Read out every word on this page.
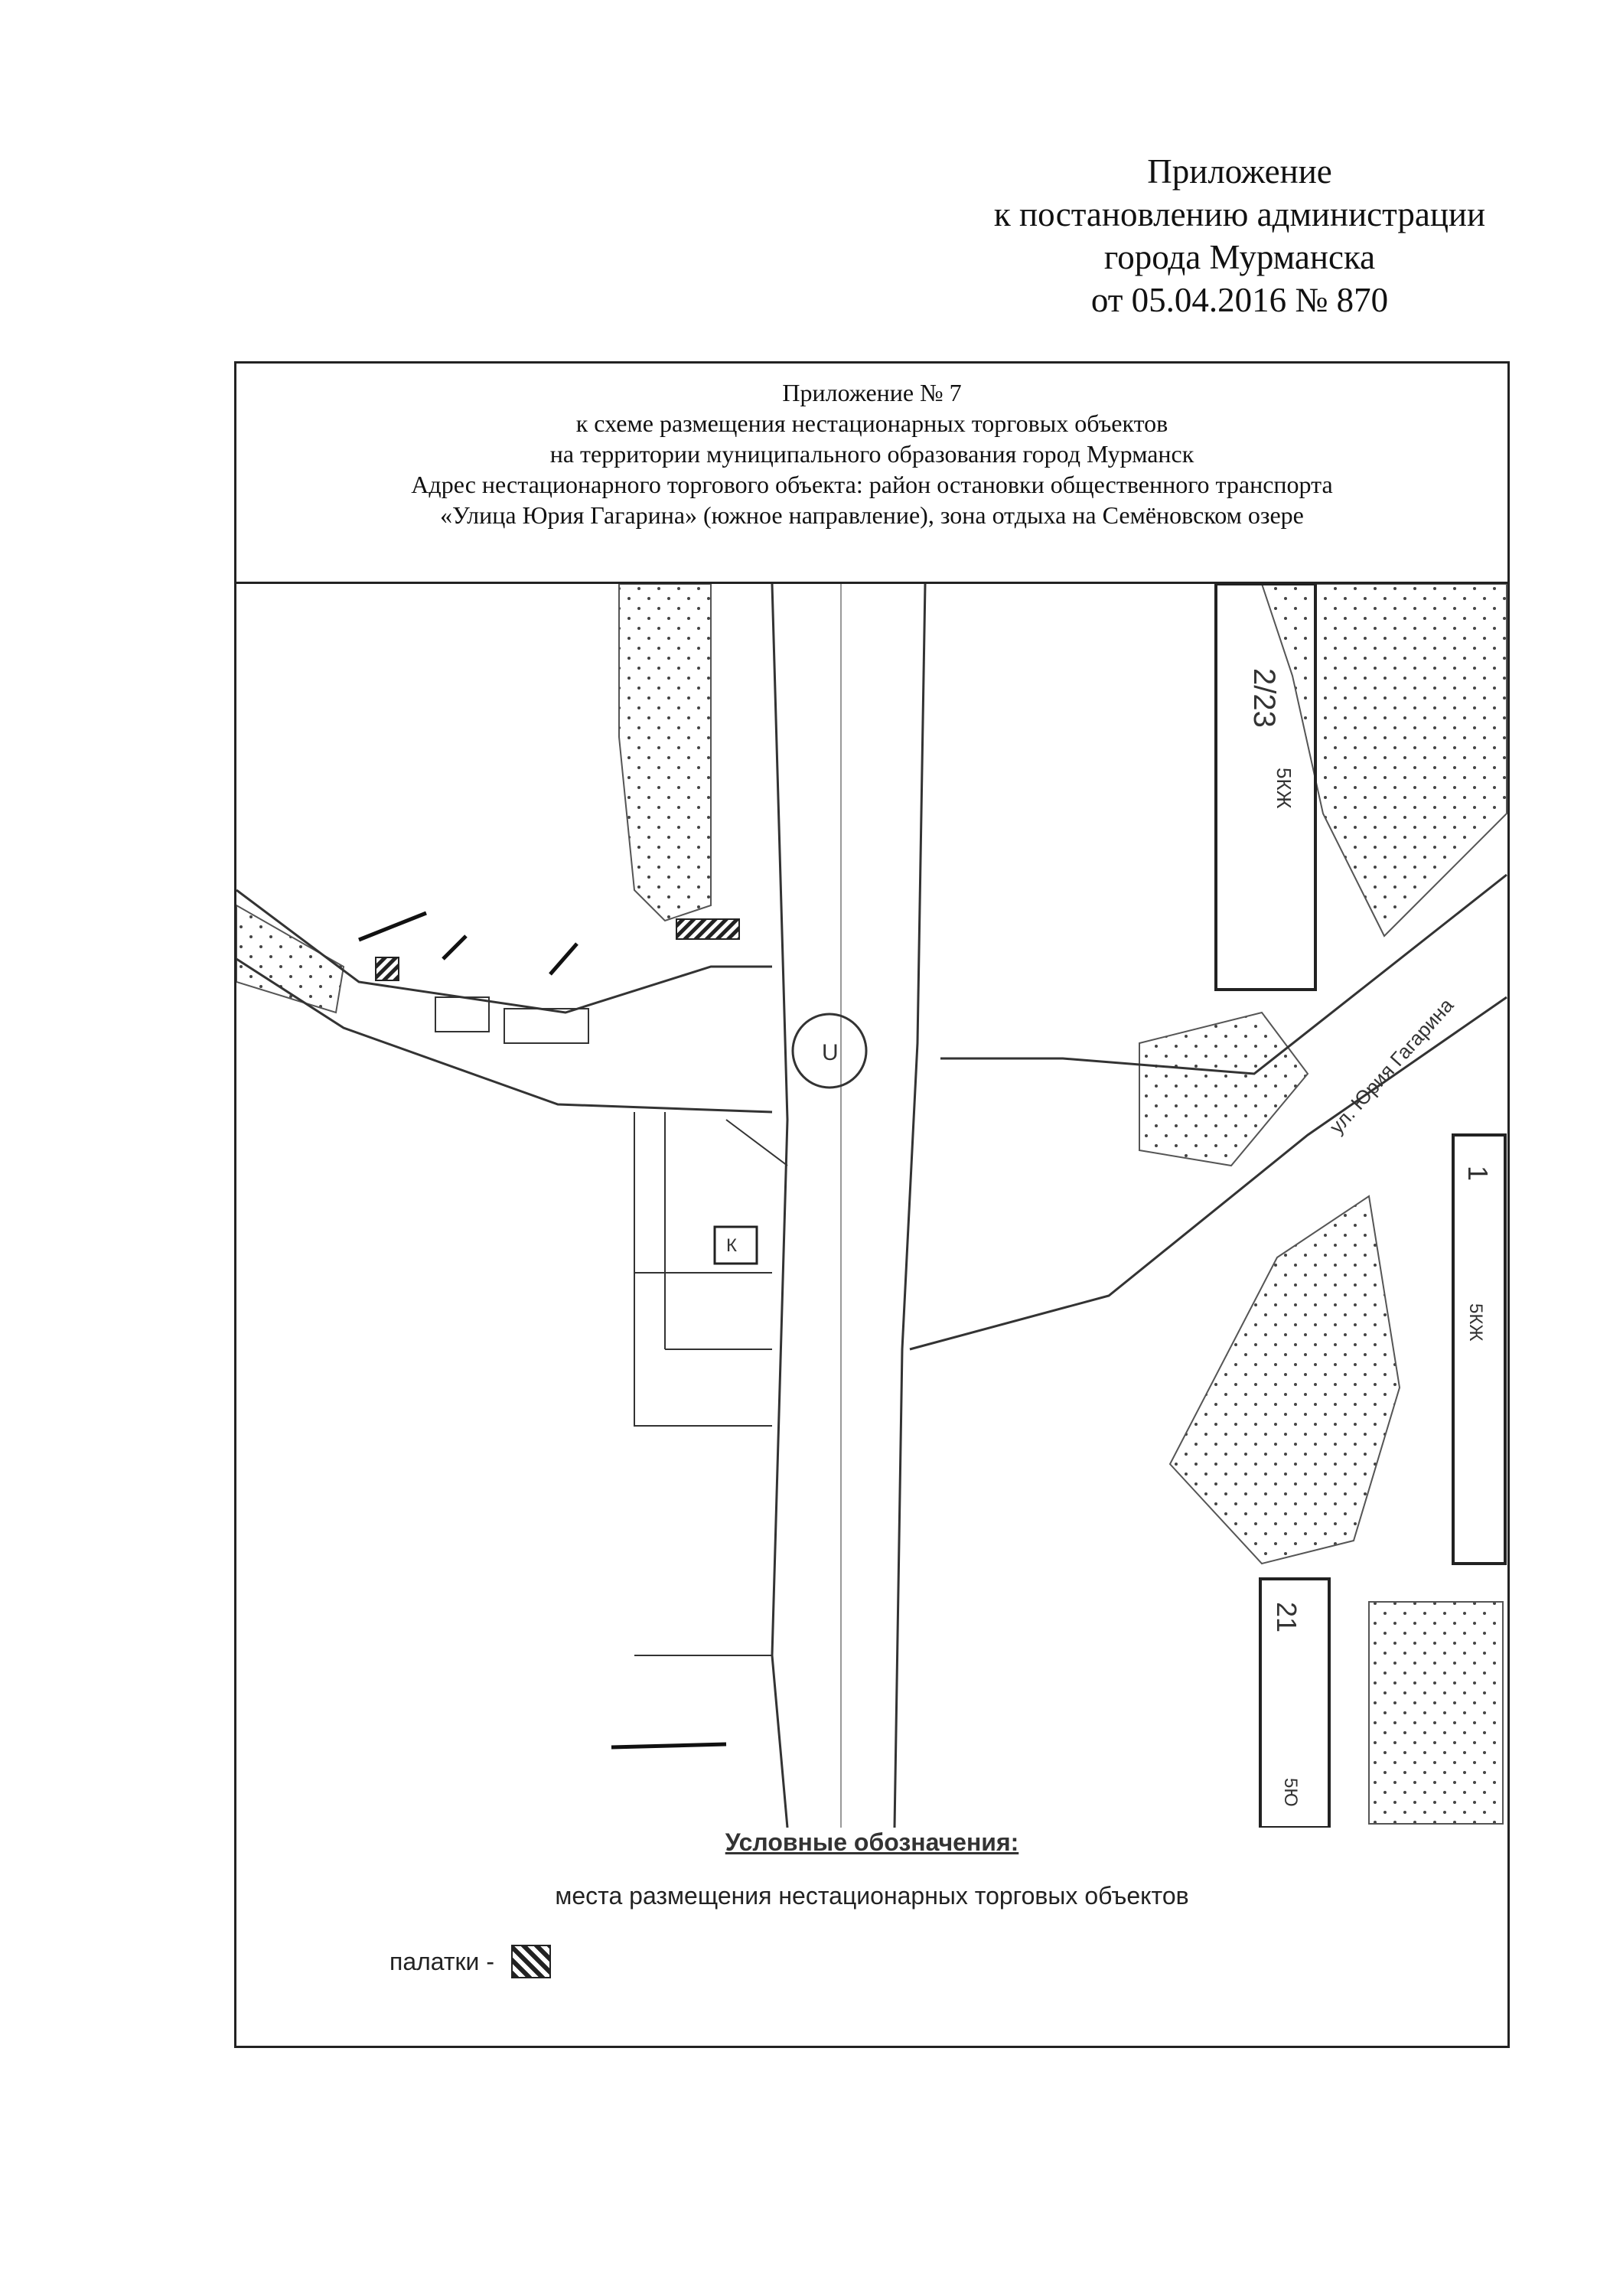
Приложение
к постановлению администрации
города Мурманска
от 05.04.2016 № 870
Приложение № 7
к схеме размещения нестационарных торговых объектов
на территории муниципального образования город Мурманск
Адрес нестационарного торгового объекта: район остановки общественного транспорта
«Улица Юрия Гагарина» (южное направление), зона отдыха на Семёновском озере
U
2/23
5КЖ
1
5КЖ
21
5Ю
К
ул. Юрия Гагарина
Условные обозначения:
места размещения нестационарных торговых объектов
палатки -
